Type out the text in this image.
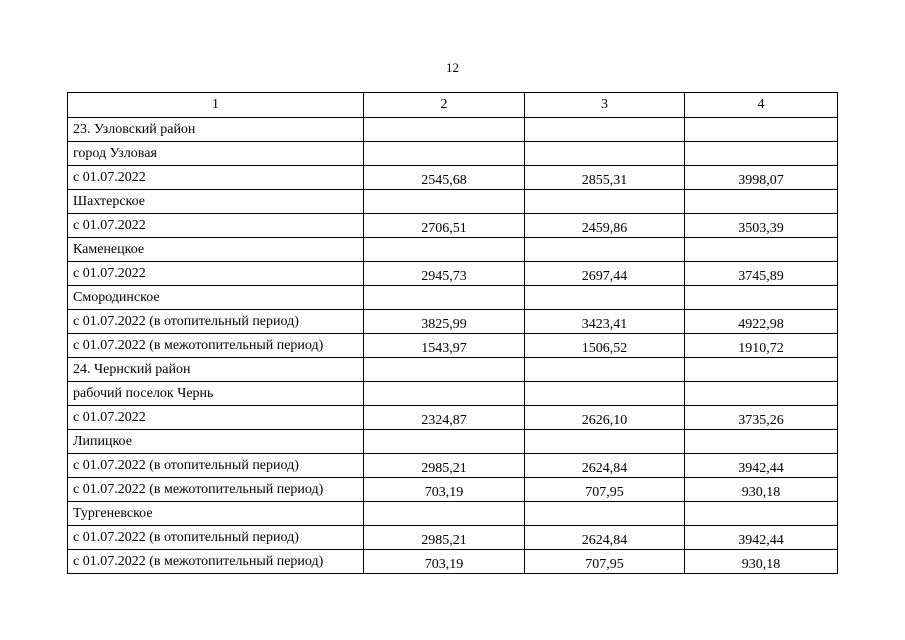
12
1	2	3	4
23. Узловский район			
город Узловая			
с 01.07.2022	2545,68	2855,31	3998,07
Шахтерское			
с 01.07.2022	2706,51	2459,86	3503,39
Каменецкое			
с 01.07.2022	2945,73	2697,44	3745,89
Смородинское			
с 01.07.2022 (в отопительный период)	3825,99	3423,41	4922,98
с 01.07.2022 (в межотопительный период)	1543,97	1506,52	1910,72
24. Чернский район			
рабочий поселок Чернь			
с 01.07.2022	2324,87	2626,10	3735,26
Липицкое			
с 01.07.2022 (в отопительный период)	2985,21	2624,84	3942,44
с 01.07.2022 (в межотопительный период)	703,19	707,95	930,18
Тургеневское			
с 01.07.2022 (в отопительный период)	2985,21	2624,84	3942,44
с 01.07.2022 (в межотопительный период)	703,19	707,95	930,18
